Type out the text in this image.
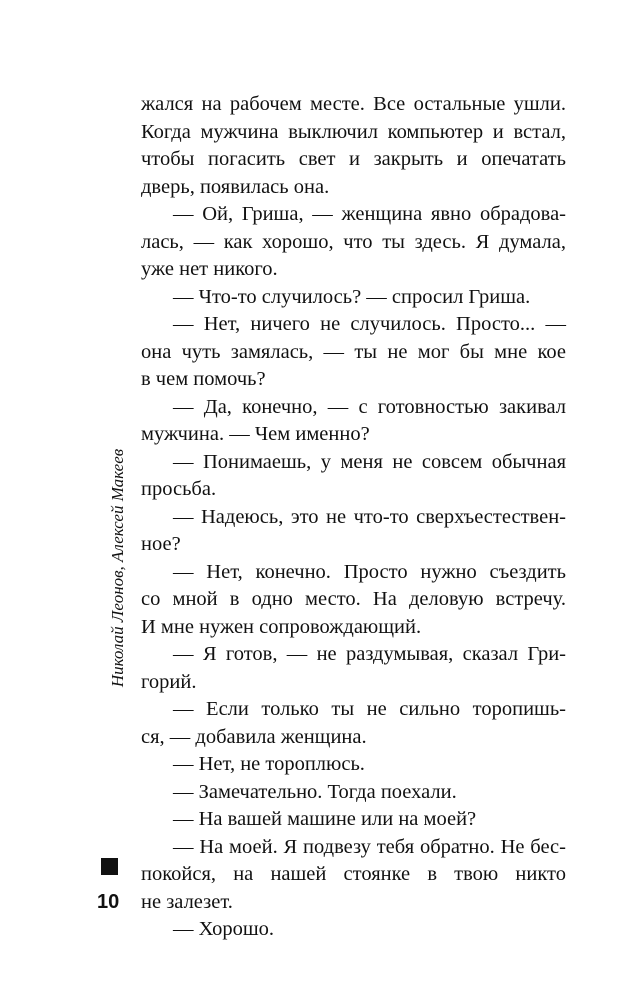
жался на рабочем месте. Все остальные ушли.
Когда мужчина выключил компьютер и встал,
чтобы погасить свет и закрыть и опечатать
дверь, появилась она.
— Ой, Гриша, — женщина явно обрадова-
лась, — как хорошо, что ты здесь. Я думала,
уже нет никого.
— Что-то случилось? — спросил Гриша.
— Нет, ничего не случилось. Просто... —
она чуть замялась, — ты не мог бы мне кое
в чем помочь?
— Да, конечно, — с готовностью закивал
мужчина. — Чем именно?
— Понимаешь, у меня не совсем обычная
просьба.
— Надеюсь, это не что-то сверхъестествен-
ное?
— Нет, конечно. Просто нужно съездить
со мной в одно место. На деловую встречу.
И мне нужен сопровождающий.
— Я готов, — не раздумывая, сказал Гри-
горий.
— Если только ты не сильно торопишь-
ся, — добавила женщина.
— Нет, не тороплюсь.
— Замечательно. Тогда поехали.
— На вашей машине или на моей?
— На моей. Я подвезу тебя обратно. Не бес-
покойся, на нашей стоянке в твою никто
не залезет.
— Хорошо.
Николай Леонов, Алексей Макеев
10
